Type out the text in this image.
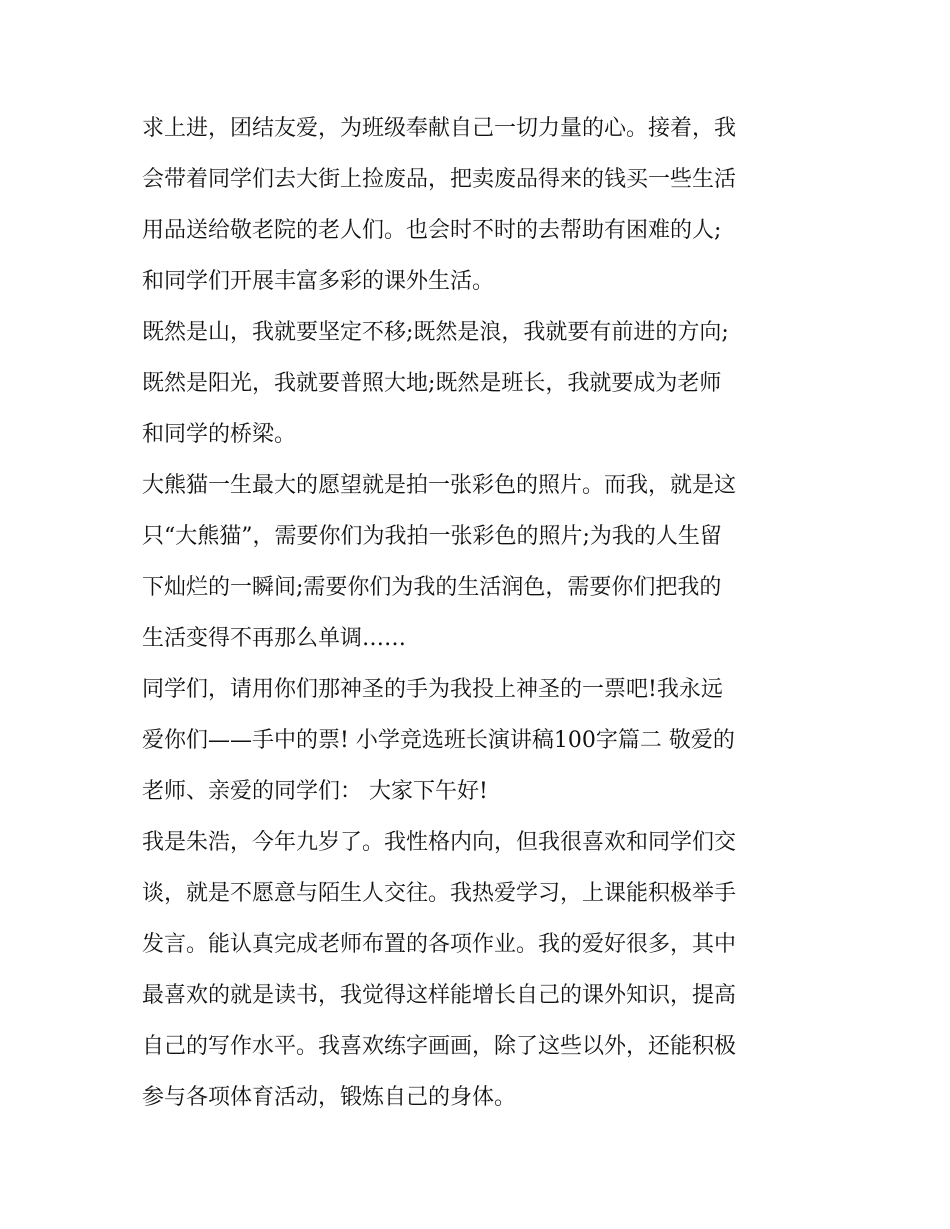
求上进，团结友爱，为班级奉献自己一切力量的心。接着，我
会带着同学们去大街上捡废品，把卖废品得来的钱买一些生活
用品送给敬老院的老人们。也会时不时的去帮助有困难的人;
和同学们开展丰富多彩的课外生活。
既然是山，我就要坚定不移;既然是浪，我就要有前进的方向;
既然是阳光，我就要普照大地;既然是班长，我就要成为老师
和同学的桥梁。
大熊猫一生最大的愿望就是拍一张彩色的照片。而我，就是这
只“大熊猫”，需要你们为我拍一张彩色的照片;为我的人生留
下灿烂的一瞬间;需要你们为我的生活润色，需要你们把我的
生活变得不再那么单调……
同学们，请用你们那神圣的手为我投上神圣的一票吧!我永远
爱你们——手中的票! 小学竞选班长演讲稿100字篇二 敬爱的
老师、亲爱的同学们： 大家下午好!
我是朱浩，今年九岁了。我性格内向，但我很喜欢和同学们交
谈，就是不愿意与陌生人交往。我热爱学习，上课能积极举手
发言。能认真完成老师布置的各项作业。我的爱好很多，其中
最喜欢的就是读书，我觉得这样能增长自己的课外知识，提高
自己的写作水平。我喜欢练字画画，除了这些以外，还能积极
参与各项体育活动，锻炼自己的身体。
